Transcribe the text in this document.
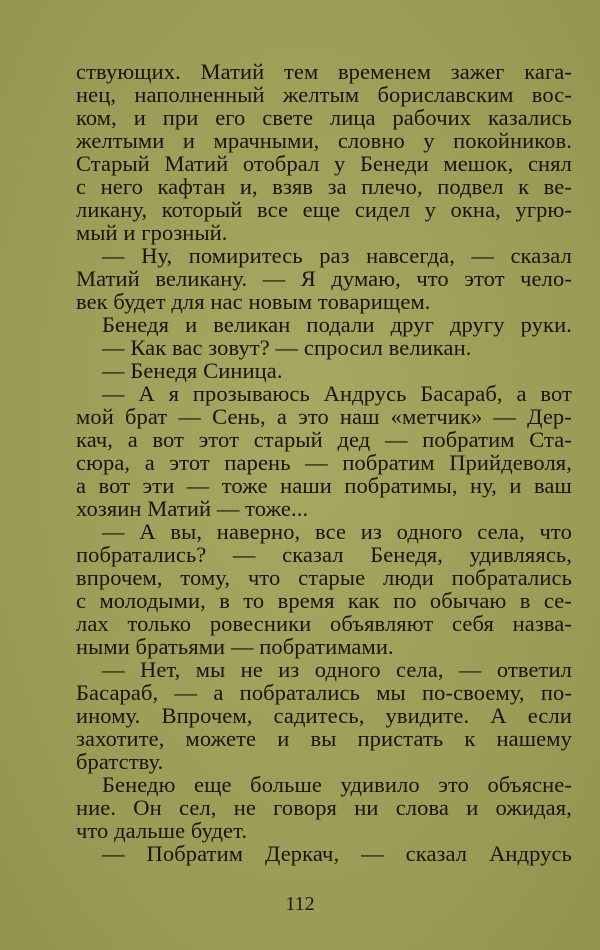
ствующих. Матий тем временем зажег кага-
нец, наполненный желтым бориславским вос-
ком, и при его свете лица рабочих казались
желтыми и мрачными, словно у покойников.
Старый Матий отобрал у Бенеди мешок, снял
с него кафтан и, взяв за плечо, подвел к ве-
ликану, который все еще сидел у окна, угрю-
мый и грозный.
— Ну, помиритесь раз навсегда, — сказал
Матий великану. — Я думаю, что этот чело-
век будет для нас новым товарищем.
Бенедя и великан подали друг другу руки.
— Как вас зовут? — спросил великан.
— Бенедя Синица.
— А я прозываюсь Андрусь Басараб, а вот
мой брат — Сень, а это наш «метчик» — Дер-
кач, а вот этот старый дед — побратим Ста-
сюра, а этот парень — побратим Прийдеволя,
а вот эти — тоже наши побратимы, ну, и ваш
хозяин Матий — тоже...
— А вы, наверно, все из одного села, что
побратались? — сказал Бенедя, удивляясь,
впрочем, тому, что старые люди побратались
с молодыми, в то время как по обычаю в се-
лах только ровесники объявляют себя назва-
ными братьями — побратимами.
— Нет, мы не из одного села, — ответил
Басараб, — а побратались мы по-своему, по-
иному. Впрочем, садитесь, увидите. А если
захотите, можете и вы пристать к нашему
братству.
Бенедю еще больше удивило это объясне-
ние. Он сел, не говоря ни слова и ожидая,
что дальше будет.
— Побратим Деркач, — сказал Андрусь
112
